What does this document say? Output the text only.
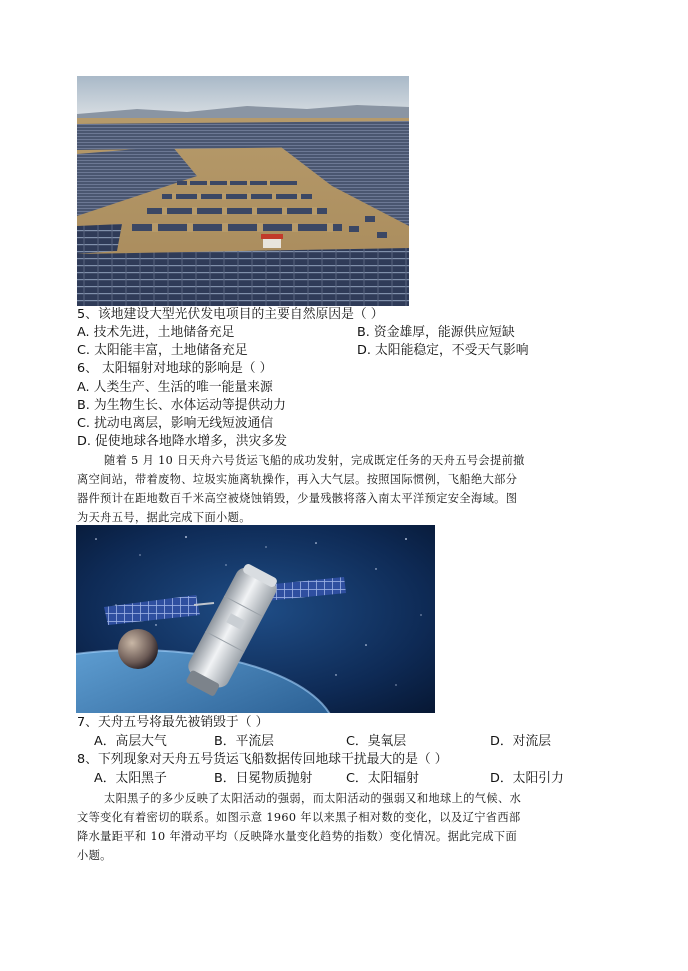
5、该地建设大型光伏发电项目的主要自然原因是（ ）
A. 技术先进，土地储备充足	B. 资金雄厚，能源供应短缺
C. 太阳能丰富，土地储备充足	D. 太阳能稳定，不受天气影响
6、 太阳辐射对地球的影响是（ ）
A. 人类生产、生活的唯一能量来源
B. 为生物生长、水体运动等提供动力
C. 扰动电离层，影响无线短波通信
D. 促使地球各地降水增多，洪灾多发
随着 5 月 10 日天舟六号货运飞船的成功发射，完成既定任务的天舟五号会提前撤
离空间站，带着废物、垃圾实施离轨操作，再入大气层。按照国际惯例，飞船绝大部分
器件预计在距地数百千米高空被烧蚀销毁，少量残骸将落入南太平洋预定安全海域。图
为天舟五号，据此完成下面小题。
7、天舟五号将最先被销毁于（ ）
A．高层大气	B．平流层	C．臭氧层	D．对流层
8、下列现象对天舟五号货运飞船数据传回地球干扰最大的是（ ）
A．太阳黑子	B．日冕物质抛射	C．太阳辐射	D．太阳引力
太阳黑子的多少反映了太阳活动的强弱，而太阳活动的强弱又和地球上的气候、水
文等变化有着密切的联系。如图示意 1960 年以来黑子相对数的变化，以及辽宁省西部
降水量距平和 10 年滑动平均（反映降水量变化趋势的指数）变化情况。据此完成下面
小题。
